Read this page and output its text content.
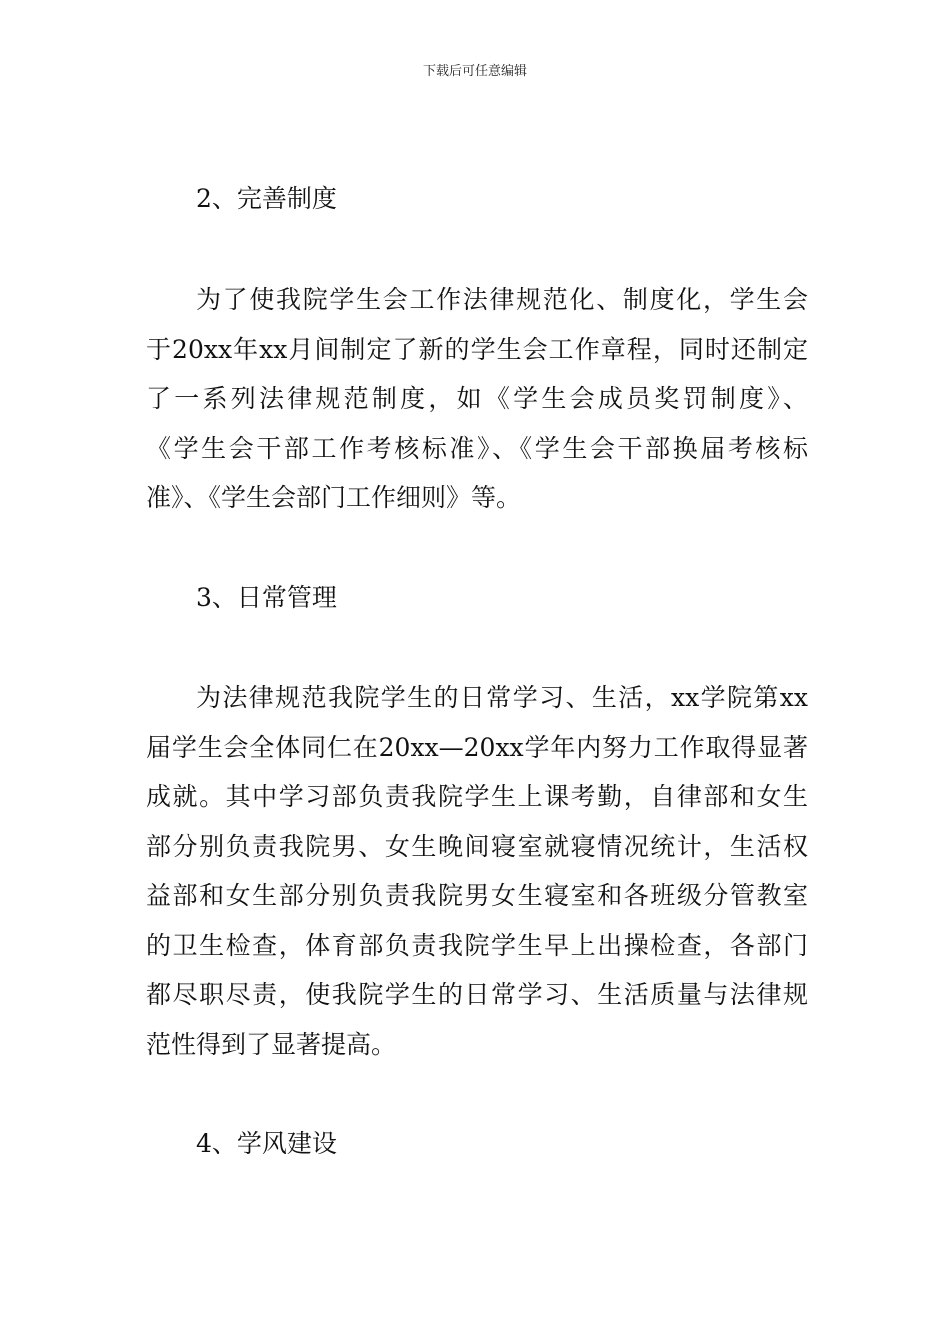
下载后可任意编辑
2、完善制度
为了使我院学生会工作法律规范化、制度化，学生会
于20xx年xx月间制定了新的学生会工作章程，同时还制定
了一系列法律规范制度，如《学生会成员奖罚制度》、
《学生会干部工作考核标准》、《学生会干部换届考核标
准》、《学生会部门工作细则》等。
3、日常管理
为法律规范我院学生的日常学习、生活，xx学院第xx
届学生会全体同仁在20xx—20xx学年内努力工作取得显著
成就。其中学习部负责我院学生上课考勤，自律部和女生
部分别负责我院男、女生晚间寝室就寝情况统计，生活权
益部和女生部分别负责我院男女生寝室和各班级分管教室
的卫生检查，体育部负责我院学生早上出操检查，各部门
都尽职尽责，使我院学生的日常学习、生活质量与法律规
范性得到了显著提高。
4、学风建设
